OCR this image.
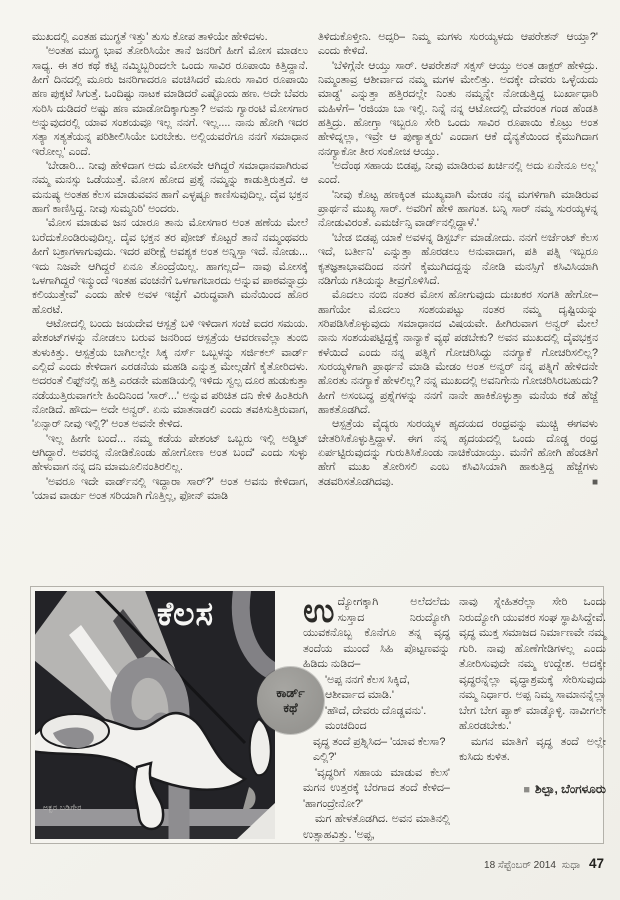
ಮುಖದಲ್ಲಿ ಎಂತಹ ಮುಗ್ಧತೆ ಇತ್ತು' ತುಸು ಕೋಪ ತಾಳಿಯೇ ಹೇಳಿದಳು.

'ಅಂತಹ ಮುಗ್ಧ ಭಾವ ತೋರಿಸಿಯೇ ತಾನೆ ಜನರಿಗೆ ಹೀಗೆ ಮೋಸ ಮಾಡಲು ಸಾಧ್ಯ. ಈ ತರ ಕಥೆ ಕಟ್ಟಿ ನಮ್ಮಿಬ್ಬರಿಂದಲೇ ಒಂದು ಸಾವಿರ ರೂಪಾಯಿ ಕಿತ್ತಿದ್ದಾನೆ. ಹೀಗೆ ದಿನದಲ್ಲಿ ಮೂರು ಜನರಿಗಾದರೂ ವಂಚಿಸಿದರೆ ಮೂರು ಸಾವಿರ ರೂಪಾಯಿ ಹಣ ಪುಕ್ಕಟೆ ಸಿಗುತ್ತೆ. ಒಂದಿಷ್ಟು ನಾಟಕ ಮಾಡಿದರೆ ಎಷ್ಟೊಂದು ಹಣ. ಅದೇ ಬೆವರು ಸುರಿಸಿ ದುಡಿದರೆ ಅಷ್ಟು ಹಣ ಮಾಡೋದಿಕ್ಕಾಗುತ್ತಾ? ಅವನು ಗ್ಯಾರಂಟಿ ಮೋಸಗಾರ ಅನ್ನುವುದರಲ್ಲಿ ಯಾವ ಸಂಶಯವೂ ಇಲ್ಲ ನನಗೆ. ಇಲ್ಲ.... ನಾನು ಹೋಗಿ ಇದರ ಸತ್ಯಾ ಸತ್ಯತೆಯನ್ನ ಪರಿಶೀಲಿಸಿಯೇ ಬರಬೇಕು. ಅಲ್ಲಿಯವರೆಗೂ ನನಗೆ ಸಮಾಧಾನ ಇರೋಲ್ಲ' ಎಂದೆ.

'ಬೇಡಾರಿ... ನೀವು ಹೇಳಿದಾಗ ಅದು ಮೋಸವೇ ಆಗಿದ್ದರೆ ಸಮಾಧಾನವಾಗಿರುವ ನಮ್ಮ ಮನಸ್ಸು ಒಡೆಯುತ್ತೆ. ಮೋಸ ಹೋದ ಪ್ರಶ್ನೆ ನಮ್ಮನ್ನು ಕಾಡುತ್ತಿರುತ್ತದೆ. ಆ ಮನುಷ್ಯ ಅಂತಹ ಕೆಲಸ ಮಾಡುವವನ ಹಾಗೆ ಎಳ್ಳಷ್ಟೂ ಕಾಣಿಸುವುದಿಲ್ಲ. ದೈವ ಭಕ್ತನ ಹಾಗೆ ಕಾಣಿಸ್ತಿದ್ದ. ನೀವು ಸುಮ್ಮನಿರಿ' ಅಂದರು.

'ಮೋಸ ಮಾಡುವ ಜನ ಯಾರೂ ತಾನು ಮೋಸಗಾರ ಅಂತ ಹಣೆಯ ಮೇಲೆ ಬರೆದುಕೊಂಡಿರುವುದಿಲ್ಲ. ದೈವ ಭಕ್ತನ ತರ ಪೋಜ್ ಕೊಟ್ಟರೆ ತಾನೆ ನಮ್ಮಂಥವರು ಹೀಗೆ ಬಕ್ರಾಗಳಾಗುವುದು. ಇದರ ಪರೀಕ್ಷೆ ಅವಶ್ಯಕ ಅಂತ ಅನ್ನಿಸ್ತಾ ಇದೆ. ನೋಡು... ಇದು ನಿಜವೇ ಆಗಿದ್ದರೆ ಏನೂ ತೊಂದ್ರೆಯಿಲ್ಲ. ಹಾಗಲ್ಲದೆ– ನಾವು ಮೋಸಕ್ಕೆ ಒಳಗಾಗಿದ್ದರೆ ಇನ್ಮುಂದೆ ಇಂತಹ ವಂಚನೆಗೆ ಒಳಗಾಗಬಾರದು ಅನ್ನುವ ಪಾಠವನ್ನಾದ್ರು ಕಲಿಯುತ್ತೇವೆ' ಎಂದು ಹೇಳಿ ಅವಳ ಇಚ್ಛೆಗೆ ವಿರುದ್ಧವಾಗಿ ಮನೆಯಿಂದ ಹೊರ ಹೊರಟೆ.

ಆಟೋದಲ್ಲಿ ಬಂದು ಜಯದೇವ ಆಸ್ಪತ್ರೆ ಬಳಿ ಇಳಿದಾಗ ಸಂಜೆ ಐದರ ಸಮಯ. ಪೇಶಂಟ್‌ಗಳನ್ನು ನೋಡಲು ಬರುವ ಜನರಿಂದ ಆಸ್ಪತ್ರೆಯ ಆವರಣವೆಲ್ಲಾ ತುಂಬಿ ತುಳುಕಿತ್ತು. ಆಸ್ಪತ್ರೆಯ ಬಾಗಿಲಲ್ಲೇ ಸಿಕ್ಕ ನರ್ಸ್ ಒಬ್ಬಳನ್ನು ಸರ್ಜಿಕಲ್ ವಾರ್ಡ್ ಎಲ್ಲಿದೆ ಎಂದು ಕೇಳಿದಾಗ ಎರಡನೆಯ ಮಹಡಿ ಎನ್ನುತ್ತ ಮೇಲ್ಗಡೆಗೆ ಕೈತೋರಿದಳು. ಅದರಂತೆ ಲಿಫ್ಟ್‌ನಲ್ಲಿ ಹತ್ತಿ ಎರಡನೇ ಮಹಡಿಯಲ್ಲಿ ಇಳಿದು ಸ್ವಲ್ಪ ದೂರ ಹುಡುಕುತ್ತಾ ನಡೆಯುತ್ತಿರುವಾಗಲೇ ಹಿಂದಿನಿಂದ 'ಸಾರ್...' ಅನ್ನುವ ಪರಿಚಿತ ದನಿ ಕೇಳಿ ಹಿಂತಿರುಗಿ ನೋಡಿದೆ. ಹೌದು– ಅದೇ ಅನ್ವರ್. ಏನು ಮಾತನಾಡಲಿ ಎಂದು ತವಕಿಸುತ್ತಿರುವಾಗ, 'ಏನ್ಸಾರ್ ನೀವು ಇಲ್ಲಿ?' ಅಂತ ಅವನೇ ಕೇಳಿದ.

'ಇಲ್ಲ ಹೀಗೇ ಬಂದೆ... ನಮ್ಮ ಕಡೆಯ ಪೇಶಂಟ್ ಒಬ್ಬರು ಇಲ್ಲಿ ಅಡ್ಮಿಟ್ ಆಗಿದ್ದಾರೆ. ಅವರನ್ನ ನೋಡಿಕೊಂಡು ಹೋಗೋಣ ಅಂತ ಬಂದೆ' ಎಂದು ಸುಳ್ಳು ಹೇಳುವಾಗ ನನ್ನ ದನಿ ಮಾಮೂಲಿನಂತಿರಲಿಲ್ಲ.

'ಅವರೂ ಇದೇ ವಾರ್ಡ್‌ನಲ್ಲಿ ಇದ್ದಾರಾ ಸಾರ್?' ಅಂತ ಅವನು ಕೇಳಿದಾಗ, 'ಯಾವ ವಾರ್ಡು ಅಂತ ಸರಿಯಾಗಿ ಗೊತ್ತಿಲ್ಲ, ಫೋನ್ ಮಾಡಿ

ತಿಳಿದುಕೊಳ್ತೀನಿ. ಅದ್ಸರಿ– ನಿಮ್ಮ ಮಗಳು ಸುರಯ್ಯಳದು ಆಪರೇಶನ್ ಆಯ್ತಾ?' ಎಂದು ಕೇಳಿದೆ.

'ಬೆಳಿಗ್ಗೆನೇ ಆಯ್ತು ಸಾರ್. ಆಪರೇಶನ್ ಸಕ್ಸಸ್ ಆಯ್ತು ಅಂತ ಡಾಕ್ಟರ್ ಹೇಳಿದ್ರು. ನಿಮ್ಮಂತಾವ್ರ ಆಶೀರ್ವಾದ ನಮ್ಮ ಮಗಳ ಮೇಲಿತ್ತು. ಅದಕ್ಕೇ ದೇವರು ಒಳ್ಳೆಯದು ಮಾಡ್ದ' ಎನ್ನುತ್ತಾ ಹತ್ತಿರದಲ್ಲೇ ನಿಂತು ನಮ್ಮನ್ನೇ ನೋಡುತ್ತಿದ್ದ ಬುರ್ಖಾಧಾರಿ ಮಹಿಳೆಗೆ– 'ರಜಿಯಾ ಬಾ ಇಲ್ಲಿ. ನಿನ್ನೆ ನನ್ನ ಆಟೋದಲ್ಲಿ ದೇವರಂತ ಗಂಡ ಹೆಂಡತಿ ಹತ್ತಿದ್ರು. ಹೋಗ್ತಾ ಇಬ್ಬರೂ ಸೇರಿ ಒಂದು ಸಾವಿರ ರೂಪಾಯಿ ಕೊಟ್ರು ಅಂತ ಹೇಳಿದ್ನಲ್ಲಾ, ಇವ್ರೇ ಆ ಪುಣ್ಯಾತ್ಮರು' ಎಂದಾಗ ಆಕೆ ದೈನ್ಯತೆಯಿಂದ ಕೈಮುಗಿದಾಗ ನನಗ್ಯಾಕೋ ತೀರ ಸಂಕೋಚ ಆಯ್ತು.

'ಅದೆಂಥ ಸಹಾಯ ಬಿಡಪ್ಪ, ನೀವು ಮಾಡಿರುವ ಖರ್ಚಿನಲ್ಲಿ ಅದು ಏನೇನೂ ಅಲ್ಲ' ಎಂದೆ.

'ನೀವು ಕೊಟ್ಟ ಹಣಕ್ಕಿಂತ ಮುಖ್ಯವಾಗಿ ಮೇಡಂ ನನ್ನ ಮಗಳಿಗಾಗಿ ಮಾಡಿರುವ ಪ್ರಾರ್ಥನೆ ಮುಖ್ಯ ಸಾರ್. ಅವರಿಗೆ ಹೇಳಿ ಹಾಗಂತ. ಬನ್ನಿ ಸಾರ್ ನಮ್ಮ ಸುರಯ್ಯಳನ್ನ ನೋಡುವಿರಂತೆ. ಎಮರ್ಜೆನ್ಸಿ ವಾರ್ಡ್‌ನಲ್ಲಿದ್ದಾಳೆ.'

'ಬೇಡ ಬಿಡಪ್ಪ ಯಾಕೆ ಅವಳನ್ನ ಡಿಸ್ಟರ್ಬ್ ಮಾಡೋದು. ನನಗೆ ಅರ್ಜೆಂಟ್ ಕೆಲಸ ಇದೆ, ಬರ್ತೀನಿ' ಎನ್ನುತ್ತಾ ಹೊರಡಲು ಅನುವಾದಾಗ, ಪತಿ ಪತ್ನಿ ಇಬ್ಬರೂ ಕೃತಜ್ಞತಾಭಾವದಿಂದ ನನಗೆ ಕೈಮುಗಿದದ್ದನ್ನು ನೋಡಿ ಮನಸ್ಸಿಗೆ ಕಸಿವಿಸಿಯಾಗಿ ನಡಿಗೆಯ ಗತಿಯನ್ನು ತೀವ್ರಗೊಳಿಸಿದೆ.

ಮೊದಲು ನಂಬಿ ನಂತರ ಮೋಸ ಹೋಗುವುದು ದುಃಖಕರ ಸಂಗತಿ ಹೇಗೋ– ಹಾಗೆಯೇ ಮೊದಲು ಸಂಶಯಪಟ್ಟು ನಂತರ ನಮ್ಮ ದೃಷ್ಟಿಯನ್ನು ಸರಿಪಡಿಸಿಕೊಳ್ಳುವುದು ಸಮಾಧಾನದ ವಿಷಯವೇ. ಹೀಗಿರುವಾಗ ಅನ್ವರ್ ಮೇಲೆ ನಾನು ಸಂಶಯಪಟ್ಟಿದ್ದಕ್ಕೆ ನಾನ್ಯಾಕೆ ವ್ಯಥೆ ಪಡಬೇಕು? ಅವನ ಮುಖದಲ್ಲಿ ದೈವಭಕ್ತನ ಕಳೆಯಿದೆ ಎಂದು ನನ್ನ ಪತ್ನಿಗೆ ಗೋಚರಿಸಿದ್ದು ನನಗ್ಯಾಕೆ ಗೋಚರಿಸಲಿಲ್ಲ? ಸುರಯ್ಯಳಿಗಾಗಿ ಪ್ರಾರ್ಥನೆ ಮಾಡಿ ಮೇಡಂ ಅಂತ ಅನ್ವರ್ ನನ್ನ ಪತ್ನಿಗೆ ಹೇಳಿದನೇ ಹೊರತು ನನಗ್ಯಾಕೆ ಹೇಳಲಿಲ್ಲ? ನನ್ನ ಮುಖದಲ್ಲಿ ಅವನಿಗೇನು ಗೋಚರಿಸಿರಬಹುದು? ಹೀಗೆ ಅಸಂಬದ್ಧ ಪ್ರಶ್ನೆಗಳನ್ನು ನನಗೆ ನಾನೇ ಹಾಕಿಕೊಳ್ಳುತ್ತಾ ಮನೆಯ ಕಡೆ ಹೆಜ್ಜೆ ಹಾಕತೊಡಗಿದೆ.

ಆಸ್ಪತ್ರೆಯ ವೈದ್ಯರು ಸುರಯ್ಯಳ ಹೃದಯದ ರಂಧ್ರವನ್ನು ಮುಚ್ಚಿ ಈಗವಳು ಚೇತರಿಸಿಕೊಳ್ಳುತ್ತಿದ್ದಾಳೆ. ಈಗ ನನ್ನ ಹೃದಯದಲ್ಲಿ ಒಂದು ದೊಡ್ಡ ರಂಧ್ರ ಏರ್ಪಟ್ಟಿರುವುದನ್ನು ಗುರುತಿಸಿಕೊಂಡು ನಾಚಿಕೆಯಾಯ್ತು. ಮನೆಗೆ ಹೋಗಿ ಹೆಂಡತಿಗೆ ಹೇಗೆ ಮುಖ ತೋರಿಸಲಿ ಎಂಬ ಕಸಿವಿಸಿಯಾಗಿ ಹಾಕುತ್ತಿದ್ದ ಹೆಜ್ಜೆಗಳು ತಡವರಿಸತೊಡಗಿದವು.	■
ಕೆಲಸ
ಅಕ್ಬರ ಬಡಿಗೇರ
ಕಾರ್ಡ್
ಕಥೆ

ಉದ್ಯೋಗಕ್ಕಾಗಿ ಅಲೆದಲೆದು ಸುಸ್ತಾದ ನಿರುದ್ಯೋಗಿ ಯುವಕನೊಬ್ಬ ಕೊನೆಗೂ ತನ್ನ ವೃದ್ಧ ತಂದೆಯ ಮುಂದೆ ಸಿಹಿ ಪೊಟ್ಟಣವನ್ನು ಹಿಡಿದು ನುಡಿದ–

'ಅಪ್ಪ ನನಗೆ ಕೆಲಸ ಸಿಕ್ಕಿದೆ, ಆಶೀರ್ವಾದ ಮಾಡಿ.'

'ಹೌದೆ, ದೇವರು ದೊಡ್ಡವನು'. ಮಂಚದಿಂದ

ವೃದ್ಧ ತಂದೆ ಪ್ರಶ್ನಿಸಿದ– 'ಯಾವ ಕೆಲಸಾ? ಎಲ್ಲಿ?'

'ವೃದ್ಧರಿಗೆ ಸಹಾಯ ಮಾಡುವ ಕೆಲಸ' ಮಗನ ಉತ್ತರಕ್ಕೆ ಬೆರಗಾದ ತಂದೆ ಕೇಳಿದ– 'ಹಾಗಂದ್ರೇನೋ?'

ಮಗ ಹೇಳತೊಡಗಿದ. ಅವನ ಮಾತಿನಲ್ಲಿ ಉತ್ಸಾಹವಿತ್ತು. 'ಅಪ್ಪ,

ನಾವು ಸ್ನೇಹಿತರೆಲ್ಲಾ ಸೇರಿ ಒಂದು ನಿರುದ್ಯೋಗಿ ಯುವಕರ ಸಂಘ ಸ್ಥಾಪಿಸಿದ್ದೇವೆ. ವೃದ್ಧ ಮುಕ್ತ ಸಮಾಜದ ನಿರ್ಮಾಣವೇ ನಮ್ಮ ಗುರಿ. ನಾವು ಹೊಣೆಗೇಡಿಗಳಲ್ಲ ಎಂದು ತೋರಿಸುವುದೇ ನಮ್ಮ ಉದ್ದೇಶ. ಅದಕ್ಕೇ ವೃದ್ಧರನ್ನೆಲ್ಲಾ ವೃದ್ಧಾಶ್ರಮಕ್ಕೆ ಸೇರಿಸುವುದು ನಮ್ಮ ನಿರ್ಧಾರ. ಅಪ್ಪ ನಿಮ್ಮ ಸಾಮಾನನ್ನೆಲ್ಲಾ ಬೇಗ ಬೇಗ ಪ್ಯಾಕ್ ಮಾಡ್ಕೊಳ್ಳಿ. ನಾವೀಗಲೇ ಹೊರಡಬೇಕು.'

ಮಗನ ಮಾತಿಗೆ ವೃದ್ಧ ತಂದೆ ಅಲ್ಲೇ ಕುಸಿದು ಕುಳಿತ.

■ ಶಿಲ್ಪಾ, ಬೆಂಗಳೂರು

18 ಸೆಪ್ಟೆಂಬರ್ 2014 ಸುಧಾ 47
